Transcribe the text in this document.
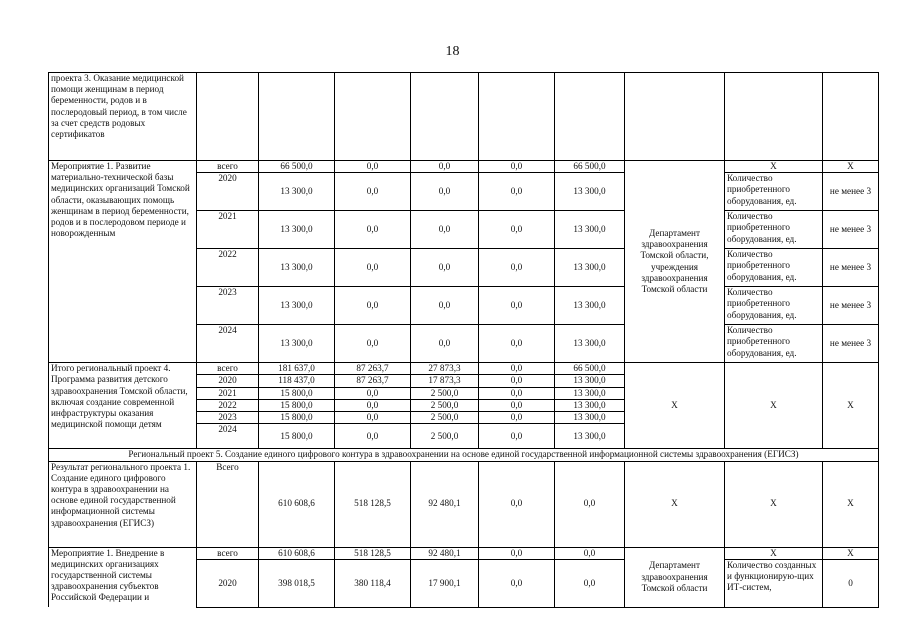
18
проекта 3. Оказание медицинской помощи женщинам в период беременности, родов и в послеродовый период, в том числе за счет средств родовых сертификатов									
Мероприятие 1. Развитие материально-технической базы медицинских организаций Томской области, оказывающих помощь женщинам в период беременности, родов и в послеродовом периоде и новорожденным	всего	66 500,0	0,0	0,0	0,0	66 500,0	Департамент здравоохранения Томской области, учреждения здравоохранения Томской области	Х	Х
	2020	13 300,0	0,0	0,0	0,0	13 300,0		Количество приобретенного оборудования, ед.	не менее 3
	2021	13 300,0	0,0	0,0	0,0	13 300,0		Количество приобретенного оборудования, ед.	не менее 3
	2022	13 300,0	0,0	0,0	0,0	13 300,0		Количество приобретенного оборудования, ед.	не менее 3
	2023	13 300,0	0,0	0,0	0,0	13 300,0		Количество приобретенного оборудования, ед.	не менее 3
	2024	13 300,0	0,0	0,0	0,0	13 300,0		Количество приобретенного оборудования, ед.	не менее 3
Итого региональный проект 4. Программа развития детского здравоохранения Томской области, включая создание современной инфраструктуры оказания медицинской помощи детям	всего	181 637,0	87 263,7	27 873,3	0,0	66 500,0	Х	Х	Х
	2020	118 437,0	87 263,7	17 873,3	0,0	13 300,0			
	2021	15 800,0	0,0	2 500,0	0,0	13 300,0			
	2022	15 800,0	0,0	2 500,0	0,0	13 300,0			
	2023	15 800,0	0,0	2 500,0	0,0	13 300,0			
	2024	15 800,0	0,0	2 500,0	0,0	13 300,0			
Региональный проект 5. Создание единого цифрового контура в здравоохранении на основе единой государственной информационной системы здравоохранения (ЕГИСЗ)									
Результат регионального проекта 1. Создание единого цифрового контура в здравоохранении на основе единой государственной информационной системы здравоохранения (ЕГИСЗ)	Всего	610 608,6	518 128,5	92 480,1	0,0	0,0	Х	Х	Х
Мероприятие 1. Внедрение в медицинских организациях государственной системы здравоохранения субъектов Российской Федерации и	всего	610 608,6	518 128,5	92 480,1	0,0	0,0	Департамент здравоохранения Томской области	Х	Х
	2020	398 018,5	380 118,4	17 900,1	0,0	0,0		Количество созданных и функционирую-щих ИТ-систем,	0
